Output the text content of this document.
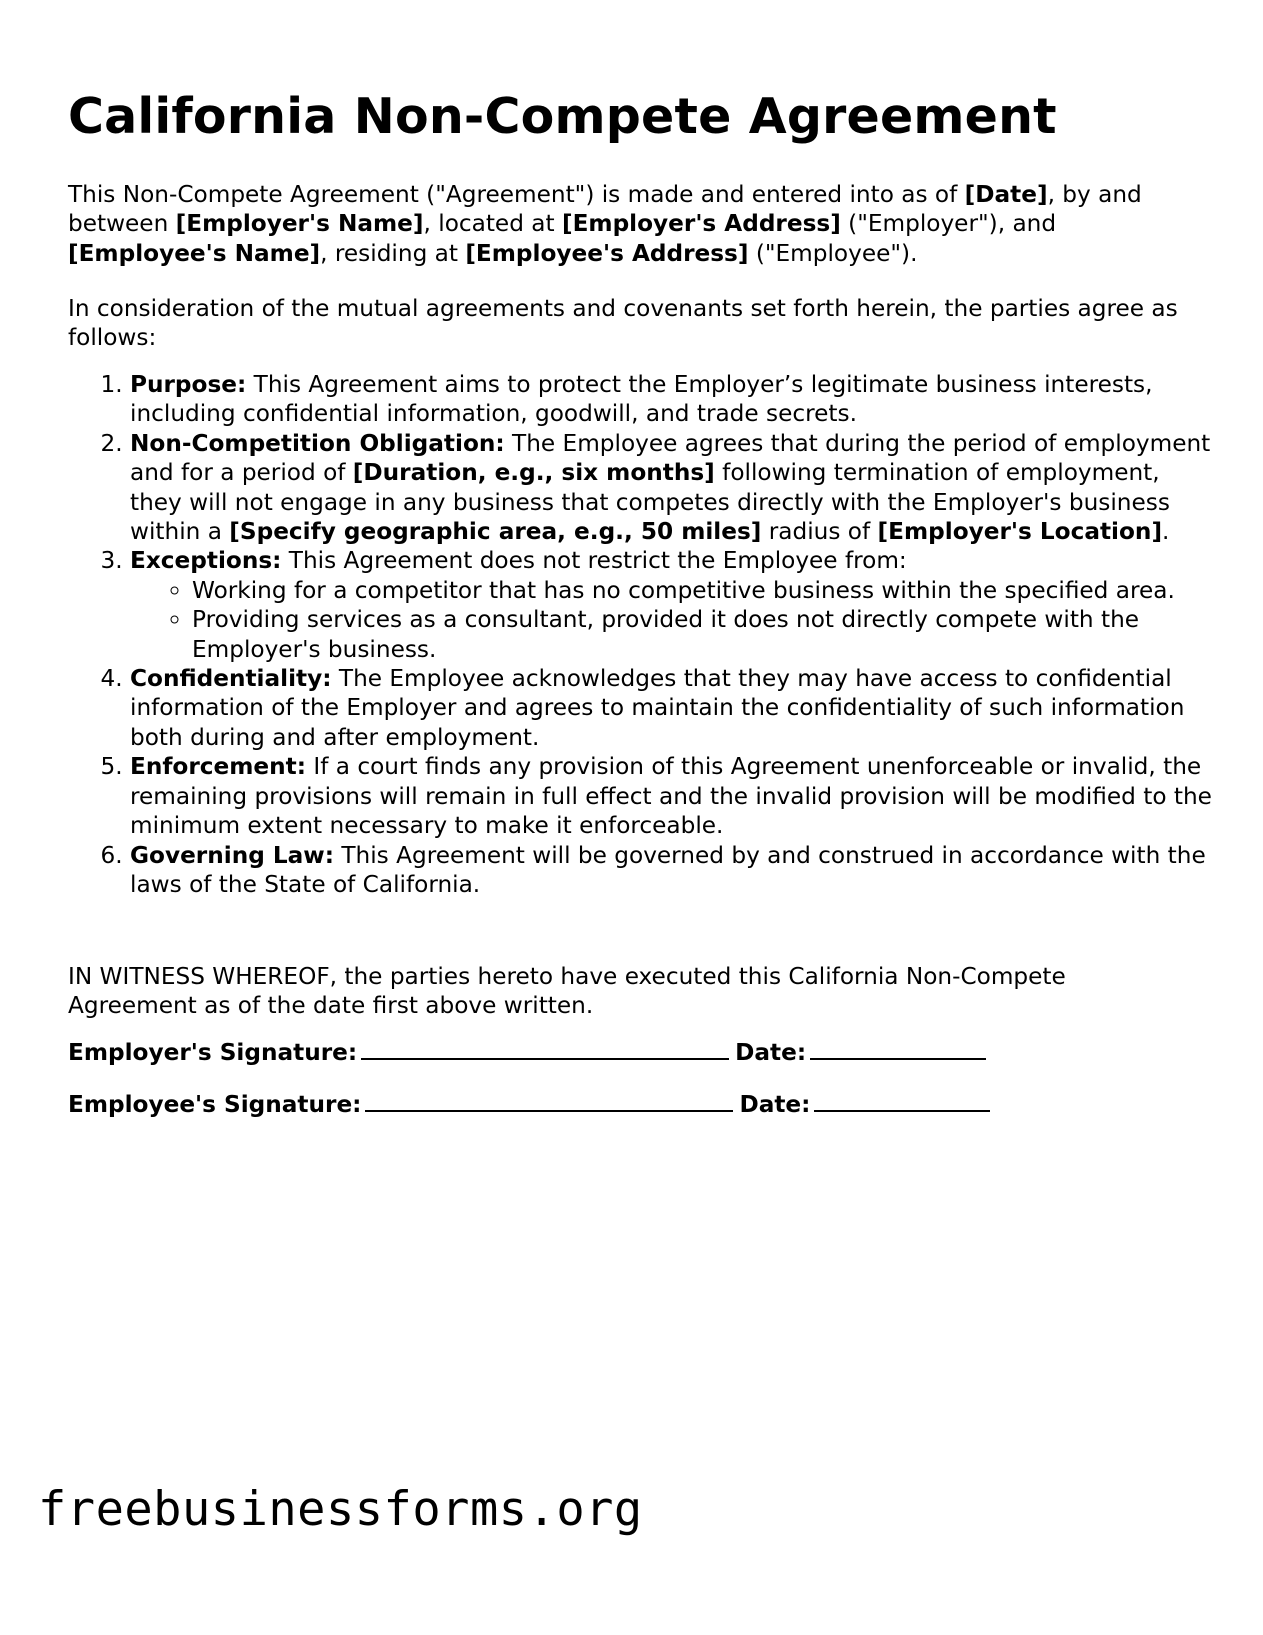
California Non-Compete Agreement

This Non-Compete Agreement ("Agreement") is made and entered into as of [Date], by and between [Employer's Name], located at [Employer's Address] ("Employer"), and [Employee's Name], residing at [Employee's Address] ("Employee").

In consideration of the mutual agreements and covenants set forth herein, the parties agree as follows:

1. Purpose: This Agreement aims to protect the Employer’s legitimate business interests, including confidential information, goodwill, and trade secrets.
2. Non-Competition Obligation: The Employee agrees that during the period of employment and for a period of [Duration, e.g., six months] following termination of employment, they will not engage in any business that competes directly with the Employer's business within a [Specify geographic area, e.g., 50 miles] radius of [Employer's Location].
3. Exceptions: This Agreement does not restrict the Employee from:
◦ Working for a competitor that has no competitive business within the specified area.
◦ Providing services as a consultant, provided it does not directly compete with the Employer's business.
4. Confidentiality: The Employee acknowledges that they may have access to confidential information of the Employer and agrees to maintain the confidentiality of such information both during and after employment.
5. Enforcement: If a court finds any provision of this Agreement unenforceable or invalid, the remaining provisions will remain in full effect and the invalid provision will be modified to the minimum extent necessary to make it enforceable.
6. Governing Law: This Agreement will be governed by and construed in accordance with the laws of the State of California.

IN WITNESS WHEREOF, the parties hereto have executed this California Non-Compete Agreement as of the date first above written.

Employer's Signature:	Date:
Employee's Signature:	Date:
freebusinessforms.org
